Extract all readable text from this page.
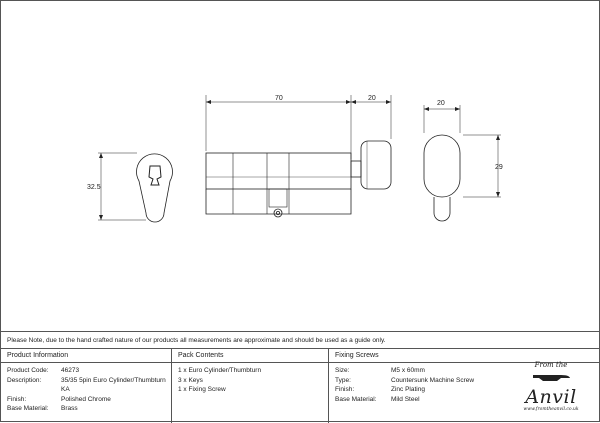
32.5
70	20
20
29
Please Note, due to the hand crafted nature of our products all measurements are approximate and should be used as a guide only.
Product Information
Product Code:	46273
Description:	35/35 5pin Euro Cylinder/Thumbturn KA
Finish:	Polished Chrome
Base Material:	Brass
Pack Contents
1 x Euro Cylinder/Thumbturn
3 x Keys
1 x Fixing Screw
Fixing Screws
Size:	M5 x 60mm
Type:	Countersunk Machine Screw
Finish:	Zinc Plating
Base Material:	Mild Steel
From the
Anvil
www.fromtheanvil.co.uk
